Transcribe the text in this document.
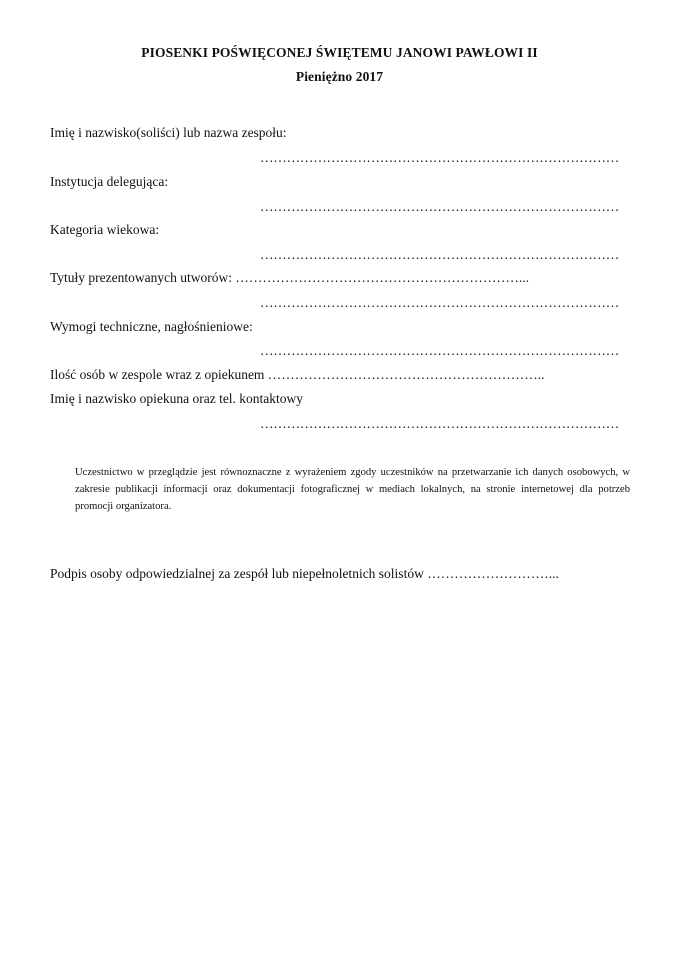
PIOSENKI POŚWIĘCONEJ ŚWIĘTEMU JANOWI PAWŁOWI II
Pieniężno 2017
Imię i nazwisko(soliści) lub nazwa zespołu:
………………………………………………………………………
Instytucja delegująca:
………………………………………………………………………
Kategoria wiekowa:
………………………………………………………………………
Tytuły prezentowanych utworów: ………………………………………………………...
………………………………………………………………………
Wymogi techniczne, nagłośnieniowe:
………………………………………………………………………
Ilość osób w zespole wraz z opiekunem ……………………………………………………..
Imię i nazwisko opiekuna oraz tel. kontaktowy
………………………………………………………………………

Uczestnictwo w przeglądzie jest równoznaczne z wyrażeniem zgody uczestników na przetwarzanie ich danych osobowych, w zakresie publikacji informacji oraz dokumentacji fotograficznej w mediach lokalnych, na stronie internetowej dla potrzeb promocji organizatora.

Podpis osoby odpowiedzialnej za zespół lub niepełnoletnich solistów ………………………...
